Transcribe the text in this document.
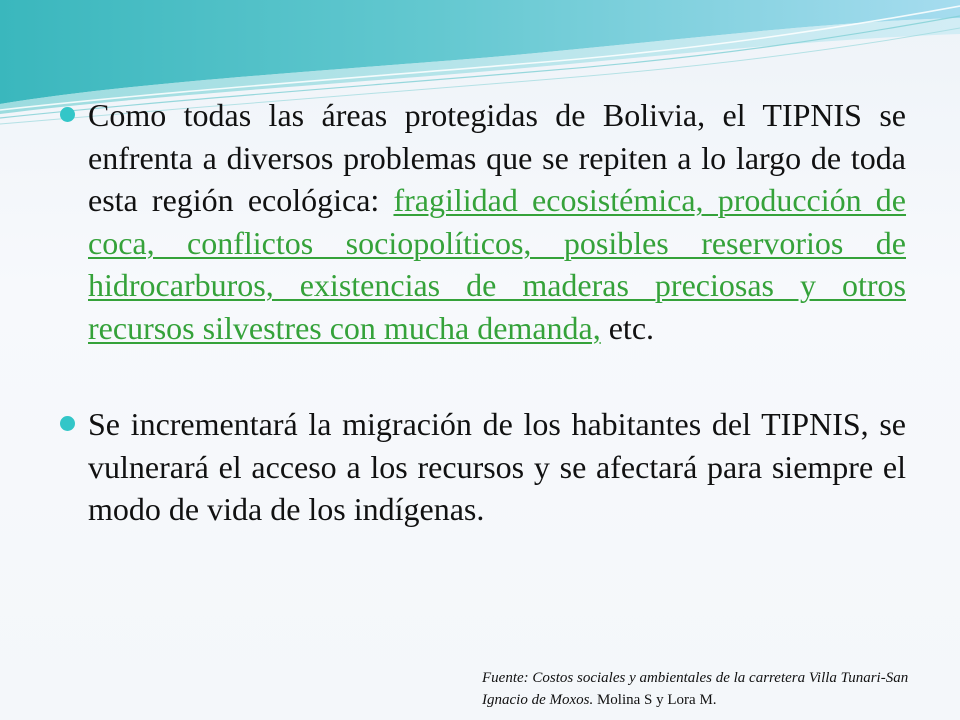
Como todas las áreas protegidas de Bolivia, el TIPNIS se enfrenta a diversos problemas que se repiten a lo largo de toda esta región ecológica: fragilidad ecosistémica, producción de coca, conflictos sociopolíticos, posibles reservorios de hidrocarburos, existencias de maderas preciosas y otros recursos silvestres con mucha demanda, etc.
Se incrementará la migración de los habitantes del TIPNIS, se vulnerará el acceso a los recursos y se afectará para siempre el modo de vida de los indígenas.
Fuente: Costos sociales y ambientales de la carretera Villa Tunari-San Ignacio de Moxos. Molina S y Lora M.
